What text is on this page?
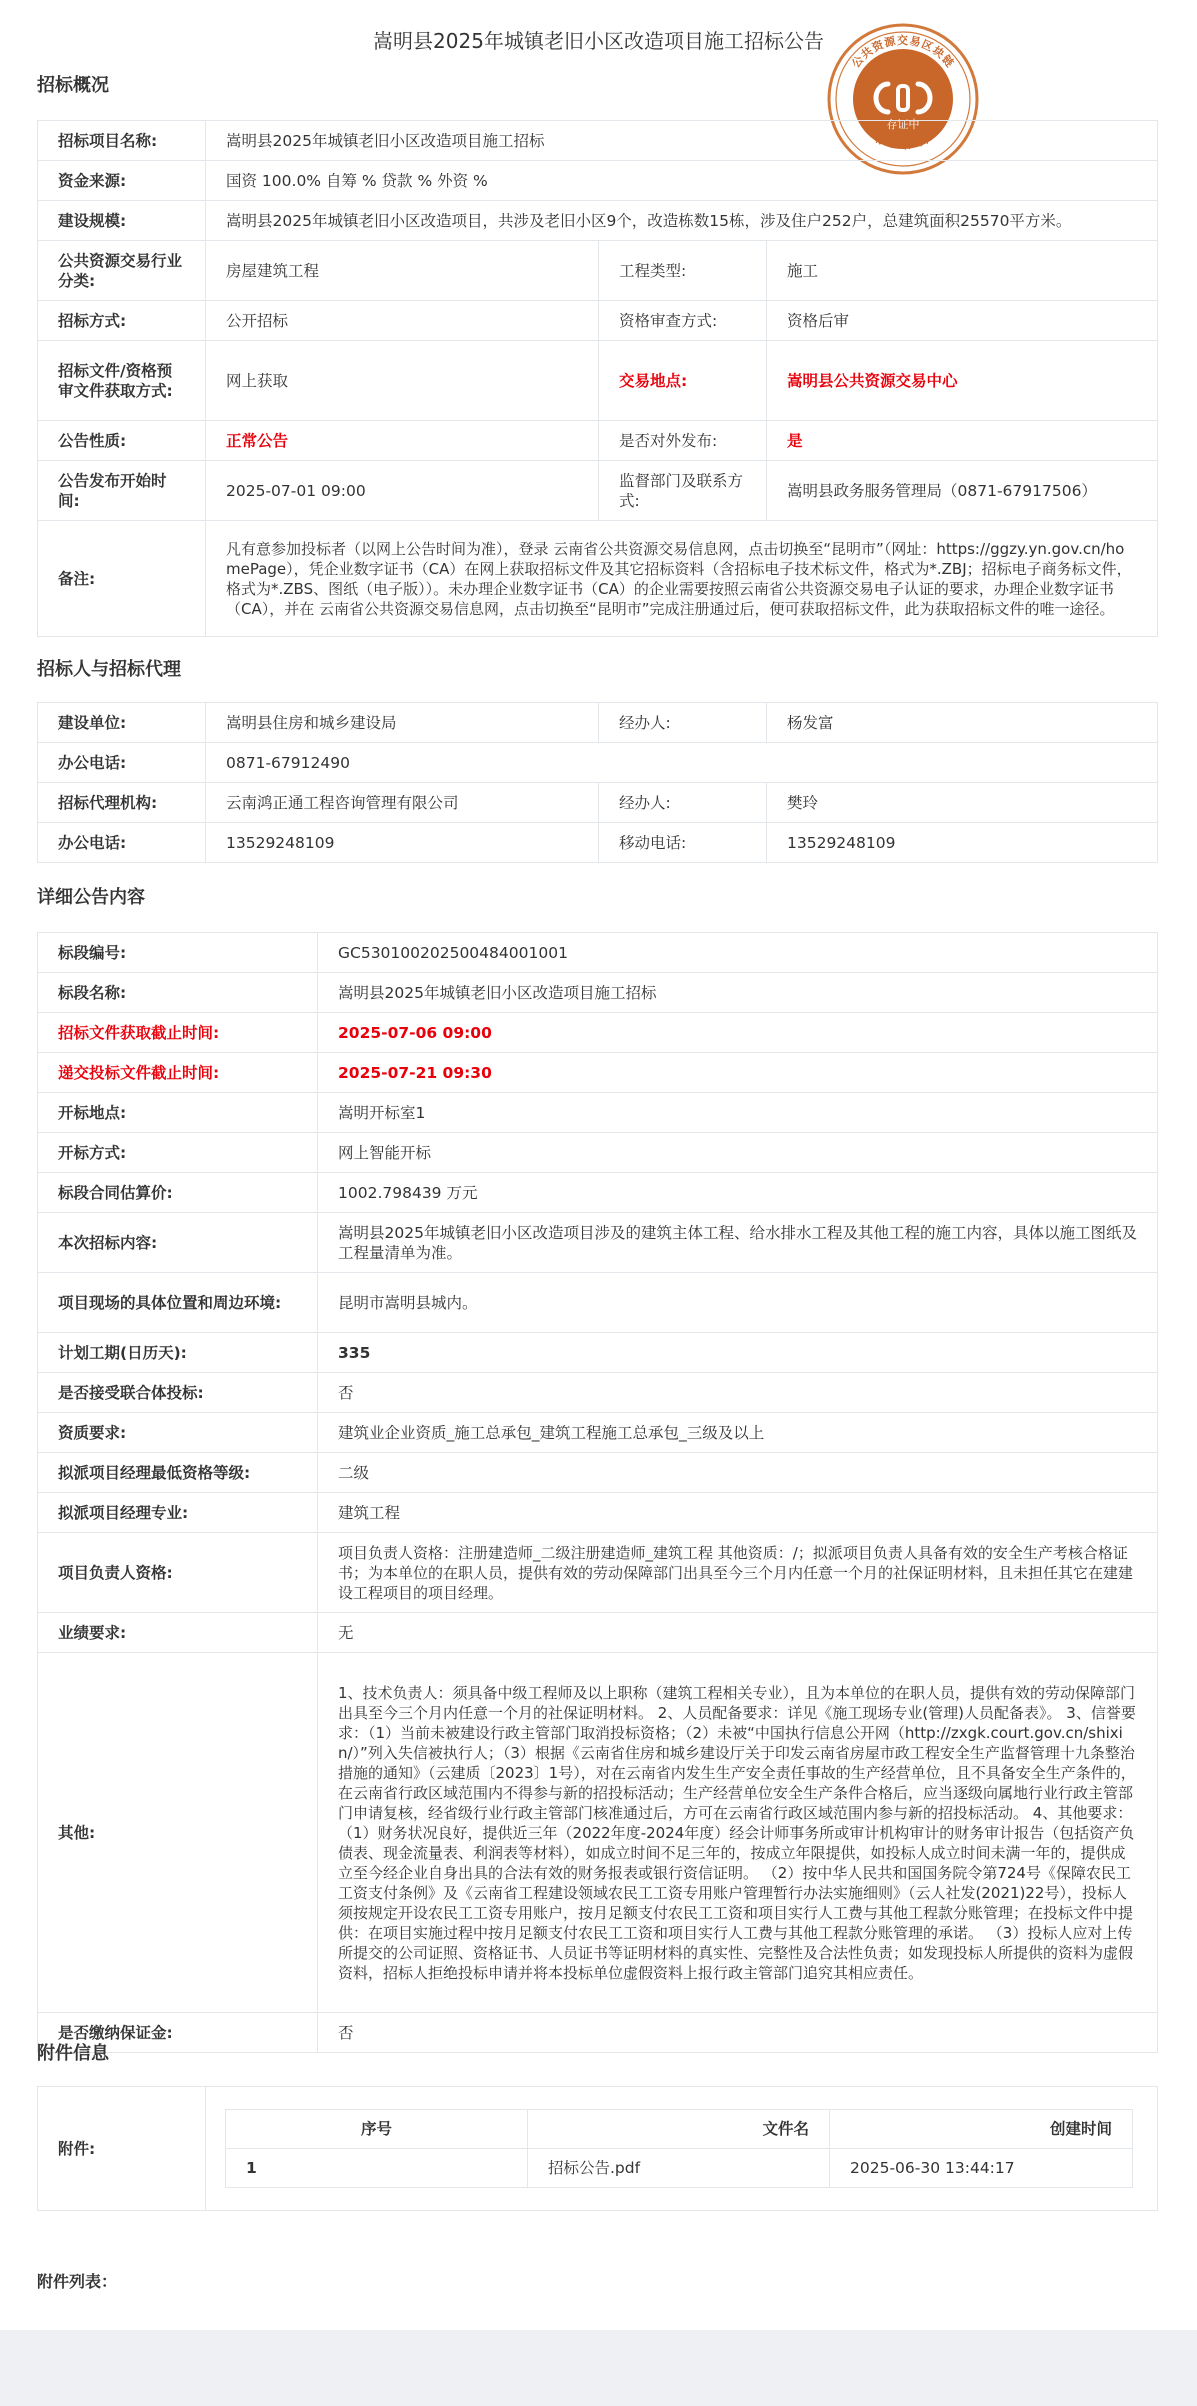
嵩明县2025年城镇老旧小区改造项目施工招标公告
公共资源交易区块链
存证标识
存证中
招标概况
招标项目名称:	嵩明县2025年城镇老旧小区改造项目施工招标		
资金来源:	国资 100.0% 自筹 % 贷款 % 外资 %		
建设规模:	嵩明县2025年城镇老旧小区改造项目，共涉及老旧小区9个，改造栋数15栋，涉及住户252户，总建筑面积25570平方米。		
公共资源交易行业分类:	房屋建筑工程	工程类型:	施工
招标方式:	公开招标	资格审查方式:	资格后审
招标文件/资格预审文件获取方式:	网上获取	交易地点:	嵩明县公共资源交易中心
公告性质:	正常公告	是否对外发布:	是
公告发布开始时间:	2025-07-01 09:00	监督部门及联系方式:	嵩明县政务服务管理局（0871-67917506）
备注:	凡有意参加投标者（以网上公告时间为准），登录 云南省公共资源交易信息网，点击切换至“昆明市”（网址：https://ggzy.yn.gov.cn/homePage），凭企业数字证书（CA）在网上获取招标文件及其它招标资料（含招标电子技术标文件，格式为*.ZBJ；招标电子商务标文件，格式为*.ZBS、图纸（电子版））。未办理企业数字证书（CA）的企业需要按照云南省公共资源交易电子认证的要求，办理企业数字证书（CA），并在 云南省公共资源交易信息网，点击切换至“昆明市”完成注册通过后，便可获取招标文件，此为获取招标文件的唯一途径。		
招标人与招标代理
建设单位:	嵩明县住房和城乡建设局	经办人:	杨发富
办公电话:	0871-67912490		
招标代理机构:	云南鸿正通工程咨询管理有限公司	经办人:	樊玲
办公电话:	13529248109	移动电话:	13529248109
详细公告内容
标段编号:	GC5301002025004840010​01
标段名称:	嵩明县2025年城镇老旧小区改造项目施工招标
招标文件获取截止时间:	2025-07-06 09:00
递交投标文件截止时间:	2025-07-21 09:30
开标地点:	嵩明开标室1
开标方式:	网上智能开标
标段合同估算价:	1002.798439 万元
本次招标内容:	嵩明县2025年城镇老旧小区改造项目涉及的建筑主体工程、给水排水工程及其他工程的施工内容，具体以施工图纸及工程量清单为准。
项目现场的具体位置和周边环境:	昆明市嵩明县城内。
计划工期(日历天):	335
是否接受联合体投标:	否
资质要求:	建筑业企业资质_施工总承包_建筑工程施工总承包_三级及以上
拟派项目经理最低资格等级:	二级
拟派项目经理专业:	建筑工程
项目负责人资格:	项目负责人资格：注册建造师_二级注册建造师_建筑工程 其他资质：/；拟派项目负责人具备有效的安全生产考核合格证书；为本单位的在职人员，提供有效的劳动保障部门出具至今三个月内任意一个月的社保证明材料，且未担任其它在建建设工程项目的项目经理。
业绩要求:	无
其他:	1、技术负责人：须具备中级工程师及以上职称（建筑工程相关专业），且为本单位的在职人员，提供有效的劳动保障部门出具至今三个月内任意一个月的社保证明材料。 2、人员配备要求：详见《施工现场专业(管理)人员配备表》。 3、信誉要求：（1）当前未被建设行政主管部门取消投标资格；（2）未被“中国执行信息公开网（http://zxgk.court.gov.cn/shixin/）”列入失信被执行人；（3）根据《云南省住房和城乡建设厅关于印发云南省房屋市政工程安全生产监督管理十九条整治措施的通知》（云建质〔2023〕1号），对在云南省内发生生产安全责任事故的生产经营单位，且不具备安全生产条件的，在云南省行政区域范围内不得参与新的招投标活动；生产经营单位安全生产条件合格后，应当逐级向属地行业行政主管部门申请复核，经省级行业行政主管部门核准通过后，方可在云南省行政区域范围内参与新的招投标活动。 4、其他要求：（1）财务状况良好，提供近三年（2022年度-2024年度）经会计师事务所或审计机构审计的财务审计报告（包括资产负债表、现金流量表、利润表等材料），如成立时间不足三年的，按成立年限提供，如投标人成立时间未满一年的，提供成立至今经企业自身出具的合法有效的财务报表或银行资信证明。 （2）按中华人民共和国国务院令第724号《保障农民工工资支付条例》及《云南省工程建设领域农民工工资专用账户管理暂行办法实施细则》（云人社发(2021)22号），投标人须按规定开设农民工工资专用账户，按月足额支付农民工工资和项目实行人工费与其他工程款分账管理；在投标文件中提供：在项目实施过程中按月足额支付农民工工资和项目实行人工费与其他工程款分账管理的承诺。 （3）投标人应对上传所提交的公司证照、资格证书、人员证书等证明材料的真实性、完整性及合法性负责；如发现投标人所提供的资料为虚假资料，招标人拒绝投标申请并将本投标单位虚假资料上报行政主管部门追究其相应责任。
是否缴纳保证金:	否
附件信息
附件:	
序号	文件名	创建时间
1	招标公告.pdf	2025-06-30 13:44:17
附件列表：
